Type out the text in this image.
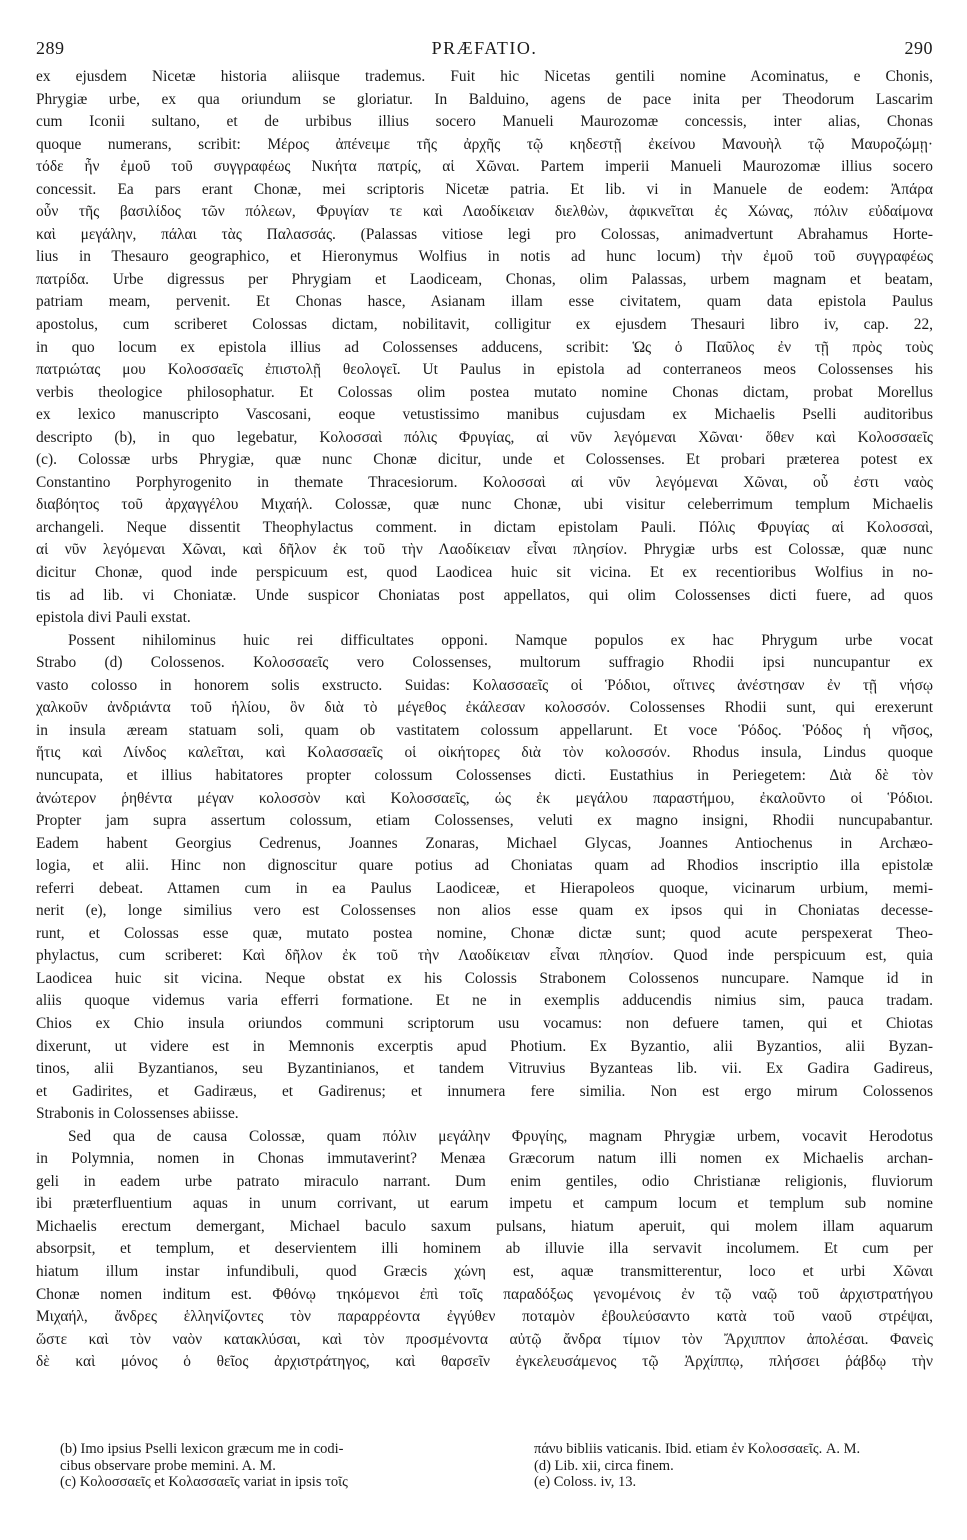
289	PRÆFATIO.	290
ex ejusdem Nicetæ historia aliisque trademus. Fuit hic Nicetas gentili nomine Acominatus, e Chonis,
Phrygiæ urbe, ex qua oriundum se gloriatur. In Balduino, agens de pace inita per Theodorum Lascarim
cum Iconii sultano, et de urbibus illius socero Manueli Maurozomæ concessis, inter alias, Chonas
quoque numerans, scribit: Μέρος ἀπένειμε τῆς ἀρχῆς τῷ κηδεστῇ ἐκείνου Μανουὴλ τῷ Μαυροζώμῃ·
τόδε ἦν ἐμοῦ τοῦ συγγραφέως Νικήτα πατρίς, αἱ Χῶναι. Partem imperii Manueli Maurozomæ illius socero
concessit. Ea pars erant Chonæ, mei scriptoris Nicetæ patria. Et lib. vi in Manuele de eodem: Ἀπάρα
οὖν τῆς βασιλίδος τῶν πόλεων, Φρυγίαν τε καὶ Λαοδίκειαν διελθὼν, ἀφικνεῖται ἐς Χώνας, πόλιν εὐδαίμονα
καὶ μεγάλην, πάλαι τὰς Παλασσάς. (Palassas vitiose legi pro Colossas, animadvertunt Abrahamus Horte-
lius in Thesauro geographico, et Hieronymus Wolfius in notis ad hunc locum) τὴν ἐμοῦ τοῦ συγγραφέως
πατρίδα. Urbe digressus per Phrygiam et Laodiceam, Chonas, olim Palassas, urbem magnam et beatam,
patriam meam, pervenit. Et Chonas hasce, Asianam illam esse civitatem, quam data epistola Paulus
apostolus, cum scriberet Colossas dictam, nobilitavit, colligitur ex ejusdem Thesauri libro iv, cap. 22,
in quo locum ex epistola illius ad Colossenses adducens, scribit: Ὡς ὁ Παῦλος ἐν τῇ πρὸς τοὺς
πατριώτας μου Κολοσσαεῖς ἐπιστολῇ θεολογεῖ. Ut Paulus in epistola ad conterraneos meos Colossenses his
verbis theologice philosophatur. Et Colossas olim postea mutato nomine Chonas dictam, probat Morellus
ex lexico manuscripto Vascosani, eoque vetustissimo manibus cujusdam ex Michaelis Pselli auditoribus
descripto (b), in quo legebatur, Κολοσσαὶ πόλις Φρυγίας, αἱ νῦν λεγόμεναι Χῶναι· ὅθεν καὶ Κολοσσαεῖς
(c). Colossæ urbs Phrygiæ, quæ nunc Chonæ dicitur, unde et Colossenses. Et probari præterea potest ex
Constantino Porphyrogenito in themate Thracesiorum. Κολοσσαὶ αἱ νῦν λεγόμεναι Χῶναι, οὗ ἐστι ναὸς
διαβόητος τοῦ ἀρχαγγέλου Μιχαήλ. Colossæ, quæ nunc Chonæ, ubi visitur celeberrimum templum Michaelis
archangeli. Neque dissentit Theophylactus comment. in dictam epistolam Pauli. Πόλις Φρυγίας αἱ Κολοσσαὶ,
αἱ νῦν λεγόμεναι Χῶναι, καὶ δῆλον ἐκ τοῦ τὴν Λαοδίκειαν εἶναι πλησίον. Phrygiæ urbs est Colossæ, quæ nunc
dicitur Chonæ, quod inde perspicuum est, quod Laodicea huic sit vicina. Et ex recentioribus Wolfius in no-
tis ad lib. vi Choniatæ. Unde suspicor Choniatas post appellatos, qui olim Colossenses dicti fuere, ad quos
epistola divi Pauli exstat.
Possent nihilominus huic rei difficultates opponi. Namque populos ex hac Phrygum urbe vocat
Strabo (d) Colossenos. Κολοσσαεῖς vero Colossenses, multorum suffragio Rhodii ipsi nuncupantur ex
vasto colosso in honorem solis exstructo. Suidas: Κολασσαεῖς οἱ Ῥόδιοι, οἵτινες ἀνέστησαν ἐν τῇ νήσῳ
χαλκοῦν ἀνδριάντα τοῦ ἡλίου, ὃν διὰ τὸ μέγεθος ἐκάλεσαν κολοσσόν. Colossenses Rhodii sunt, qui erexerunt
in insula æream statuam soli, quam ob vastitatem colossum appellarunt. Et voce Ῥόδος. Ῥόδος ἡ νῆσος,
ἥτις καὶ Λίνδος καλεῖται, καὶ Κολασσαεῖς οἱ οἰκήτορες διὰ τὸν κολοσσόν. Rhodus insula, Lindus quoque
nuncupata, et illius habitatores propter colossum Colossenses dicti. Eustathius in Periegetem: Διὰ δὲ τὸν
ἀνώτερον ῥηθέντα μέγαν κολοσσὸν καὶ Κολοσσαεῖς, ὡς ἐκ μεγάλου παραστήμου, ἐκαλοῦντο οἱ Ῥόδιοι.
Propter jam supra assertum colossum, etiam Colossenses, veluti ex magno insigni, Rhodii nuncupabantur.
Eadem habent Georgius Cedrenus, Joannes Zonaras, Michael Glycas, Joannes Antiochenus in Archæo-
logia, et alii. Hinc non dignoscitur quare potius ad Choniatas quam ad Rhodios inscriptio illa epistolæ
referri debeat. Attamen cum in ea Paulus Laodiceæ, et Hierapoleos quoque, vicinarum urbium, memi-
nerit (e), longe similius vero est Colossenses non alios esse quam ex ipsos qui in Choniatas decesse-
runt, et Colossas esse quæ, mutato postea nomine, Chonæ dictæ sunt; quod acute perspexerat Theo-
phylactus, cum scriberet: Καὶ δῆλον ἐκ τοῦ τὴν Λαοδίκειαν εἶναι πλησίον. Quod inde perspicuum est, quia
Laodicea huic sit vicina. Neque obstat ex his Colossis Strabonem Colossenos nuncupare. Namque id in
aliis quoque videmus varia efferri formatione. Et ne in exemplis adducendis nimius sim, pauca tradam.
Chios ex Chio insula oriundos communi scriptorum usu vocamus: non defuere tamen, qui et Chiotas
dixerunt, ut videre est in Memnonis excerptis apud Photium. Ex Byzantio, alii Byzantios, alii Byzan-
tinos, alii Byzantianos, seu Byzantinianos, et tandem Vitruvius Byzanteas lib. vii. Ex Gadira Gadireus,
et Gadirites, et Gadiræus, et Gadirenus; et innumera fere similia. Non est ergo mirum Colossenos
Strabonis in Colossenses abiisse.
Sed qua de causa Colossæ, quam πόλιν μεγάλην Φρυγίης, magnam Phrygiæ urbem, vocavit Herodotus
in Polymnia, nomen in Chonas immutaverint? Menæa Græcorum natum illi nomen ex Michaelis archan-
geli in eadem urbe patrato miraculo narrant. Dum enim gentiles, odio Christianæ religionis, fluviorum
ibi præterfluentium aquas in unum corrivant, ut earum impetu et campum locum et templum sub nomine
Michaelis erectum demergant, Michael baculo saxum pulsans, hiatum aperuit, qui molem illam aquarum
absorpsit, et templum, et deservientem illi hominem ab illuvie illa servavit incolumem. Et cum per
hiatum illum instar infundibuli, quod Græcis χώνη est, aquæ transmitterentur, loco et urbi Χῶναι
Chonæ nomen inditum est. Φθόνῳ τηκόμενοι ἐπὶ τοῖς παραδόξως γενομένοις ἐν τῷ ναῷ τοῦ ἀρχιστρατήγου
Μιχαήλ, ἄνδρες ἑλληνίζοντες τὸν παραρρέοντα ἐγγύθεν ποταμὸν ἐβουλεύσαντο κατὰ τοῦ ναοῦ στρέψαι,
ὥστε καὶ τὸν ναὸν κατακλύσαι, καὶ τὸν προσμένοντα αὐτῷ ἄνδρα τίμιον τὸν Ἄρχιππον ἀπολέσαι. Φανεὶς
δὲ καὶ μόνος ὁ θεῖος ἀρχιστράτηγος, καὶ θαρσεῖν ἐγκελευσάμενος τῷ Ἀρχίππῳ, πλήσσει ῥάβδῳ τὴν
(b) Imo ipsius Pselli lexicon græcum me in codi-	πάνυ bibliis vaticanis. Ibid. etiam ἐν Κολοσσαεῖς. A. M.
cibus observare probe memini. A. M.	(d) Lib. xii, circa finem.
(c) Κολοσσαεῖς et Κολασσαεῖς variat in ipsis τοῖς	(e) Coloss. iv, 13.
